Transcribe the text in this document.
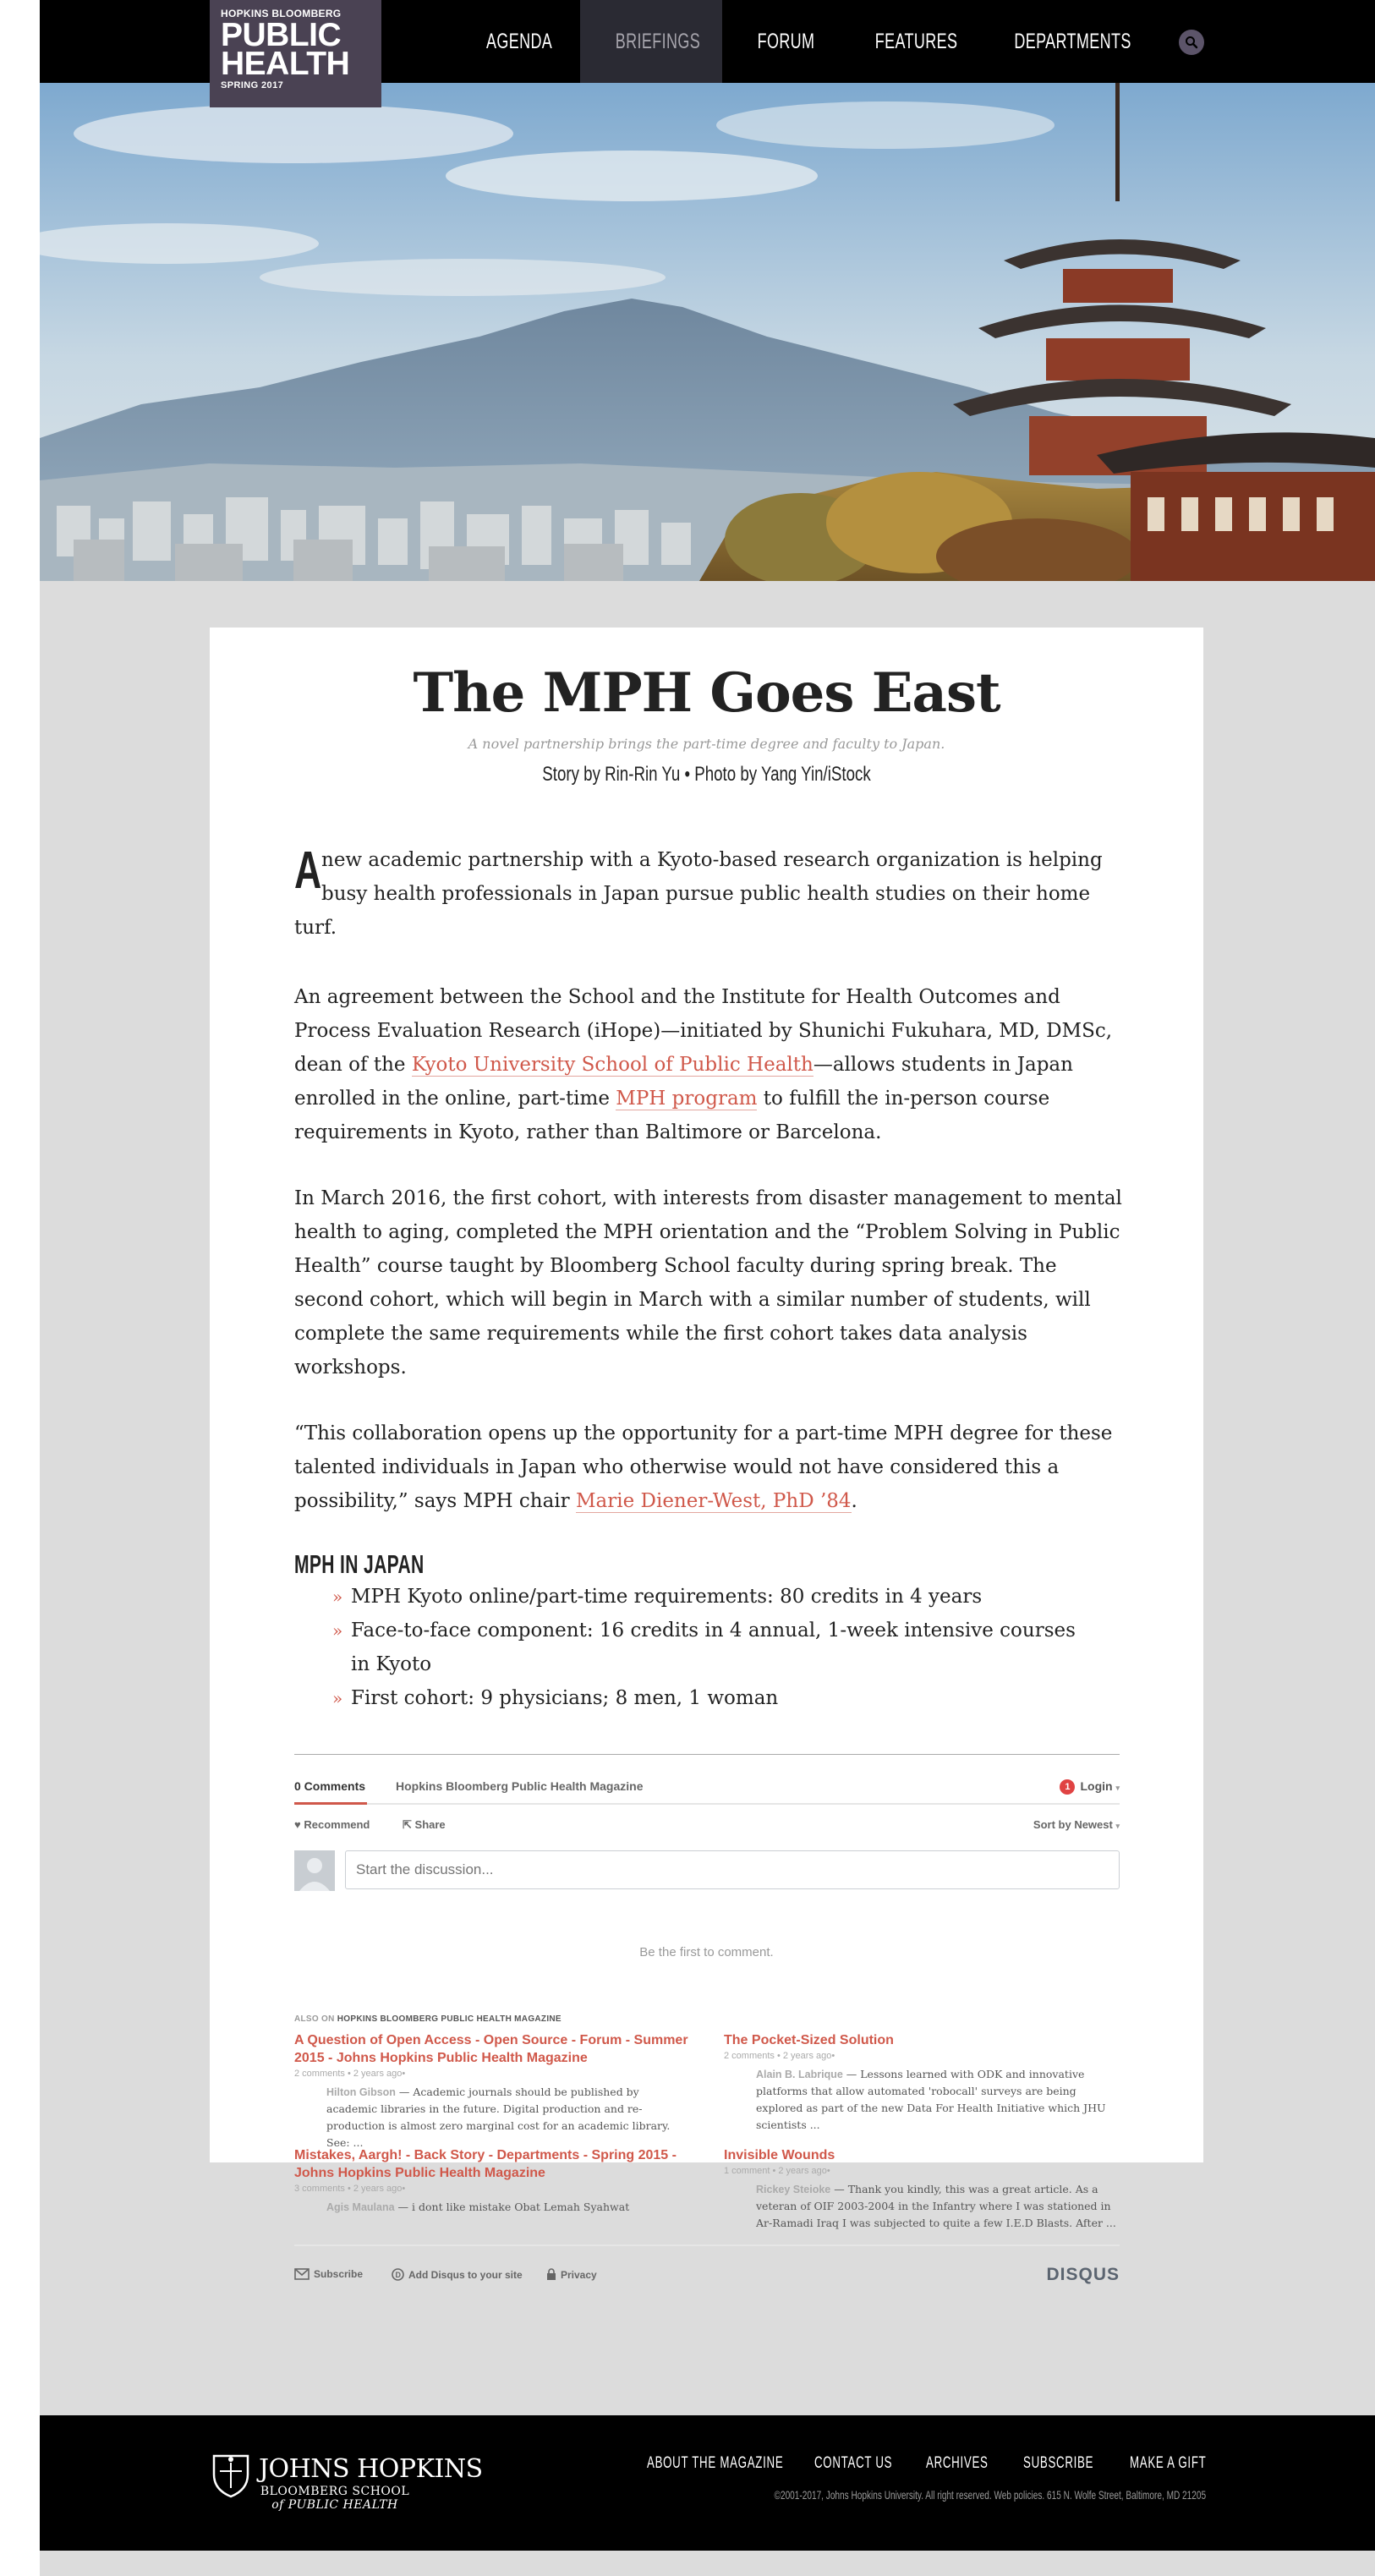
AGENDA	BRIEFINGS	FORUM	FEATURES	DEPARTMENTS
HOPKINS BLOOMBERG
PUBLIC
HEALTH
SPRING 2017
The MPH Goes East
A novel partnership brings the part-time degree and faculty to Japan.
Story by Rin-Rin Yu • Photo by Yang Yin/iStock
Anew academic partnership with a Kyoto-based research organization is helping busy health professionals in Japan pursue public health studies on their home turf.
An agreement between the School and the Institute for Health Outcomes and Process Evaluation Research (iHope)—initiated by Shunichi Fukuhara, MD, DMSc, dean of the Kyoto University School of Public Health—allows students in Japan enrolled in the online, part-time MPH program to fulfill the in-person course requirements in Kyoto, rather than Baltimore or Barcelona.
In March 2016, the first cohort, with interests from disaster management to mental health to aging, completed the MPH orientation and the “Problem Solving in Public Health” course taught by Bloomberg School faculty during spring break. The second cohort, which will begin in March with a similar number of students, will complete the same requirements while the first cohort takes data analysis workshops.
“This collaboration opens up the opportunity for a part-time MPH degree for these talented individuals in Japan who otherwise would not have considered this a possibility,” says MPH chair Marie Diener-West, PhD ’84.
MPH IN JAPAN
» MPH Kyoto online/part-time requirements: 80 credits in 4 years
» Face-to-face component: 16 credits in 4 annual, 1-week intensive courses in Kyoto
» First cohort: 9 physicians; 8 men, 1 woman
0 Comments	Hopkins Bloomberg Public Health Magazine	1 Login ▾
♥ Recommend	⇱ Share	Sort by Newest ▾
Start the discussion...
Be the first to comment.
ALSO ON HOPKINS BLOOMBERG PUBLIC HEALTH MAGAZINE
A Question of Open Access - Open Source - Forum - Summer 2015 - Johns Hopkins Public Health Magazine
2 comments • 2 years ago•
Hilton Gibson — Academic journals should be published by academic libraries in the future. Digital production and re-production is almost zero marginal cost for an academic library. See: ...
The Pocket-Sized Solution
2 comments • 2 years ago•
Alain B. Labrique — Lessons learned with ODK and innovative platforms that allow automated 'robocall' surveys are being explored as part of the new Data For Health Initiative which JHU scientists ...
Mistakes, Aargh! - Back Story - Departments - Spring 2015 - Johns Hopkins Public Health Magazine
3 comments • 2 years ago•
Agis Maulana — i dont like mistake Obat Lemah Syahwat
Invisible Wounds
1 comment • 2 years ago•
Rickey Steioke — Thank you kindly, this was a great article. As a veteran of OIF 2003-2004 in the Infantry where I was stationed in Ar-Ramadi Iraq I was subjected to quite a few I.E.D Blasts. After ...
Subscribe	D Add Disqus to your site	Privacy	DISQUS
JOHNS HOPKINS
BLOOMBERG SCHOOL
of PUBLIC HEALTH
ABOUT THE MAGAZINE CONTACT US ARCHIVES SUBSCRIBE MAKE A GIFT
©2001-2017, Johns Hopkins University. All right reserved. Web policies. 615 N. Wolfe Street, Baltimore, MD 21205
